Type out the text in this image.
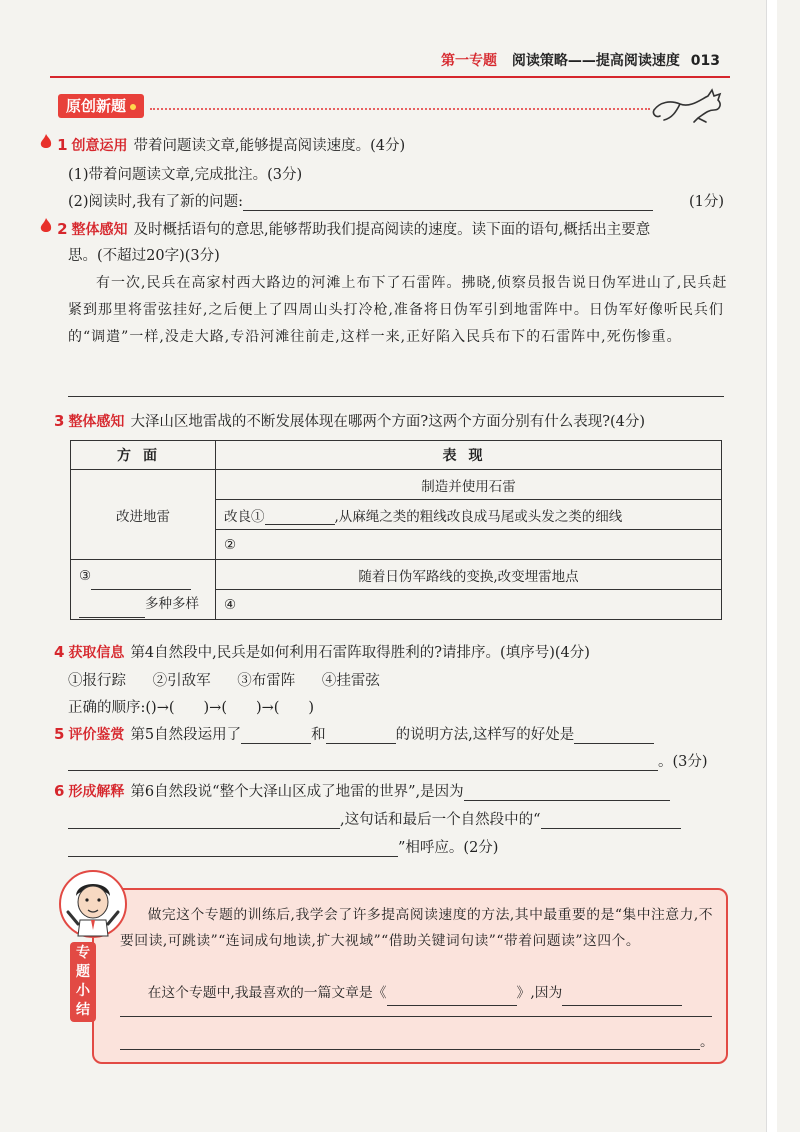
第一专题 阅读策略——提高阅读速度 013
原创新题
1 创意运用 带着问题读文章,能够提高阅读速度。(4分)
(1)带着问题读文章,完成批注。(3分)
(2)阅读时,我有了新的问题:	(1分)
2 整体感知 及时概括语句的意思,能够帮助我们提高阅读的速度。读下面的语句,概括出主要意
思。(不超过20字)(3分)
有一次,民兵在高家村西大路边的河滩上布下了石雷阵。拂晓,侦察员报告说日伪军进山了,民兵赶紧到那里将雷弦挂好,之后便上了四周山头打冷枪,准备将日伪军引到地雷阵中。日伪军好像听民兵们的“调遣”一样,没走大路,专沿河滩往前走,这样一来,正好陷入民兵布下的石雷阵中,死伤惨重。
3 整体感知 大泽山区地雷战的不断发展体现在哪两个方面?这两个方面分别有什么表现?(4分)
方面	表现
改进地雷	制造并使用石雷
	改良① ,从麻绳之类的粗线改良成马尾或头发之类的细线
	②
③
多种多样	随着日伪军路线的变换,改变埋雷地点
	④
4 获取信息 第4自然段中,民兵是如何利用石雷阵取得胜利的?请排序。(填序号)(4分)
①报行踪 ②引敌军 ③布雷阵 ④挂雷弦
正确的顺序:()→(　　)→(　　)→(　　)
5 评价鉴赏 第5自然段运用了	和	的说明方法,这样写的好处是
。(3分)
6 形成解释 第6自然段说“整个大泽山区成了地雷的世界”,是因为
,这句话和最后一个自然段中的“
”相呼应。(2分)
专题小结
做完这个专题的训练后,我学会了许多提高阅读速度的方法,其中最重要的是“集中注意力,不要回读,可跳读”“连词成句地读,扩大视域”“借助关键词句读”“带着问题读”这四个。
在这个专题中,我最喜欢的一篇文章是《	》,因为
。
